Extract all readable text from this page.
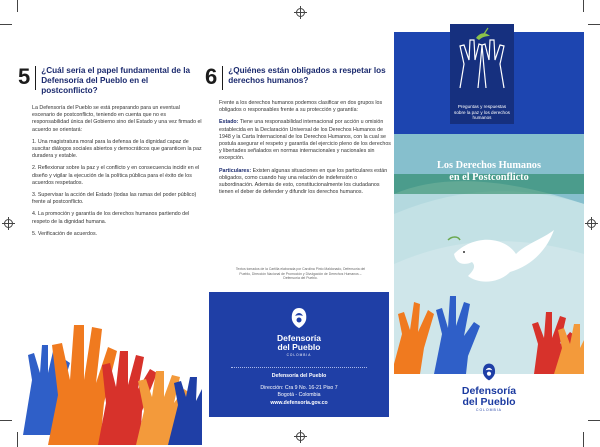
5	¿Cuál sería el papel fundamental de la Defensoría del Pueblo en el postconflicto?

La Defensoría del Pueblo se está preparando para un eventual escenario de postconflicto, teniendo en cuenta que no es responsabilidad única del Gobierno sino del Estado y una vez firmado el acuerdo se orientará:

1. Una magistratura moral para la defensa de la dignidad capaz de suscitar diálogos sociales abiertos y democráticos que garanticen la paz duradera y estable.

2. Reflexionar sobre la paz y el conflicto y en consecuencia incidir en el diseño y vigilar la ejecución de la política pública para el éxito de los acuerdos respetados.

3. Supervisar la acción del Estado (todas las ramas del poder público) frente al postconflicto.

4. La promoción y garantía de los derechos humanos partiendo del respeto de la dignidad humana.

5. Verificación de acuerdos.

6	¿Quiénes están obligados a respetar los derechos humanos?

Frente a los derechos humanos podemos clasificar en dos grupos los obligados o responsables frente a su protección y garantía:

Estado: Tiene una responsabilidad internacional por acción u omisión establecida en la Declaración Universal de los Derechos Humanos de 1948 y la Carta Internacional de los Derechos Humanos, con la cual se postula asegurar el respeto y garantía del ejercicio pleno de los derechos y libertades señalados en normas internacionales y nacionales sin excepción.

Particulares: Existen algunas situaciones en que los particulares están obligados, como cuando hay una relación de indefensión o subordinación. Además de esto, constitucionalmente los ciudadanos tienen el deber de defender y difundir los derechos humanos.

Textos tomados de la Cartilla elaborada por Carolina Pinto Maldonado, Defensoría del Pueblo, Dirección Nacional de Promoción y Divulgación de Derechos Humanos – Defensoría del Pueblo.
Defensoría
del Pueblo
COLOMBIA
Defensoría del Pueblo
Dirección: Cra 9 No. 16-21 Piso 7
Bogotá - Colombia
www.defensoria.gov.co
Preguntas y respuestas sobre la paz y los derechos humanos
Los Derechos Humanos
en el Postconflicto
Defensoría
del Pueblo
COLOMBIA
